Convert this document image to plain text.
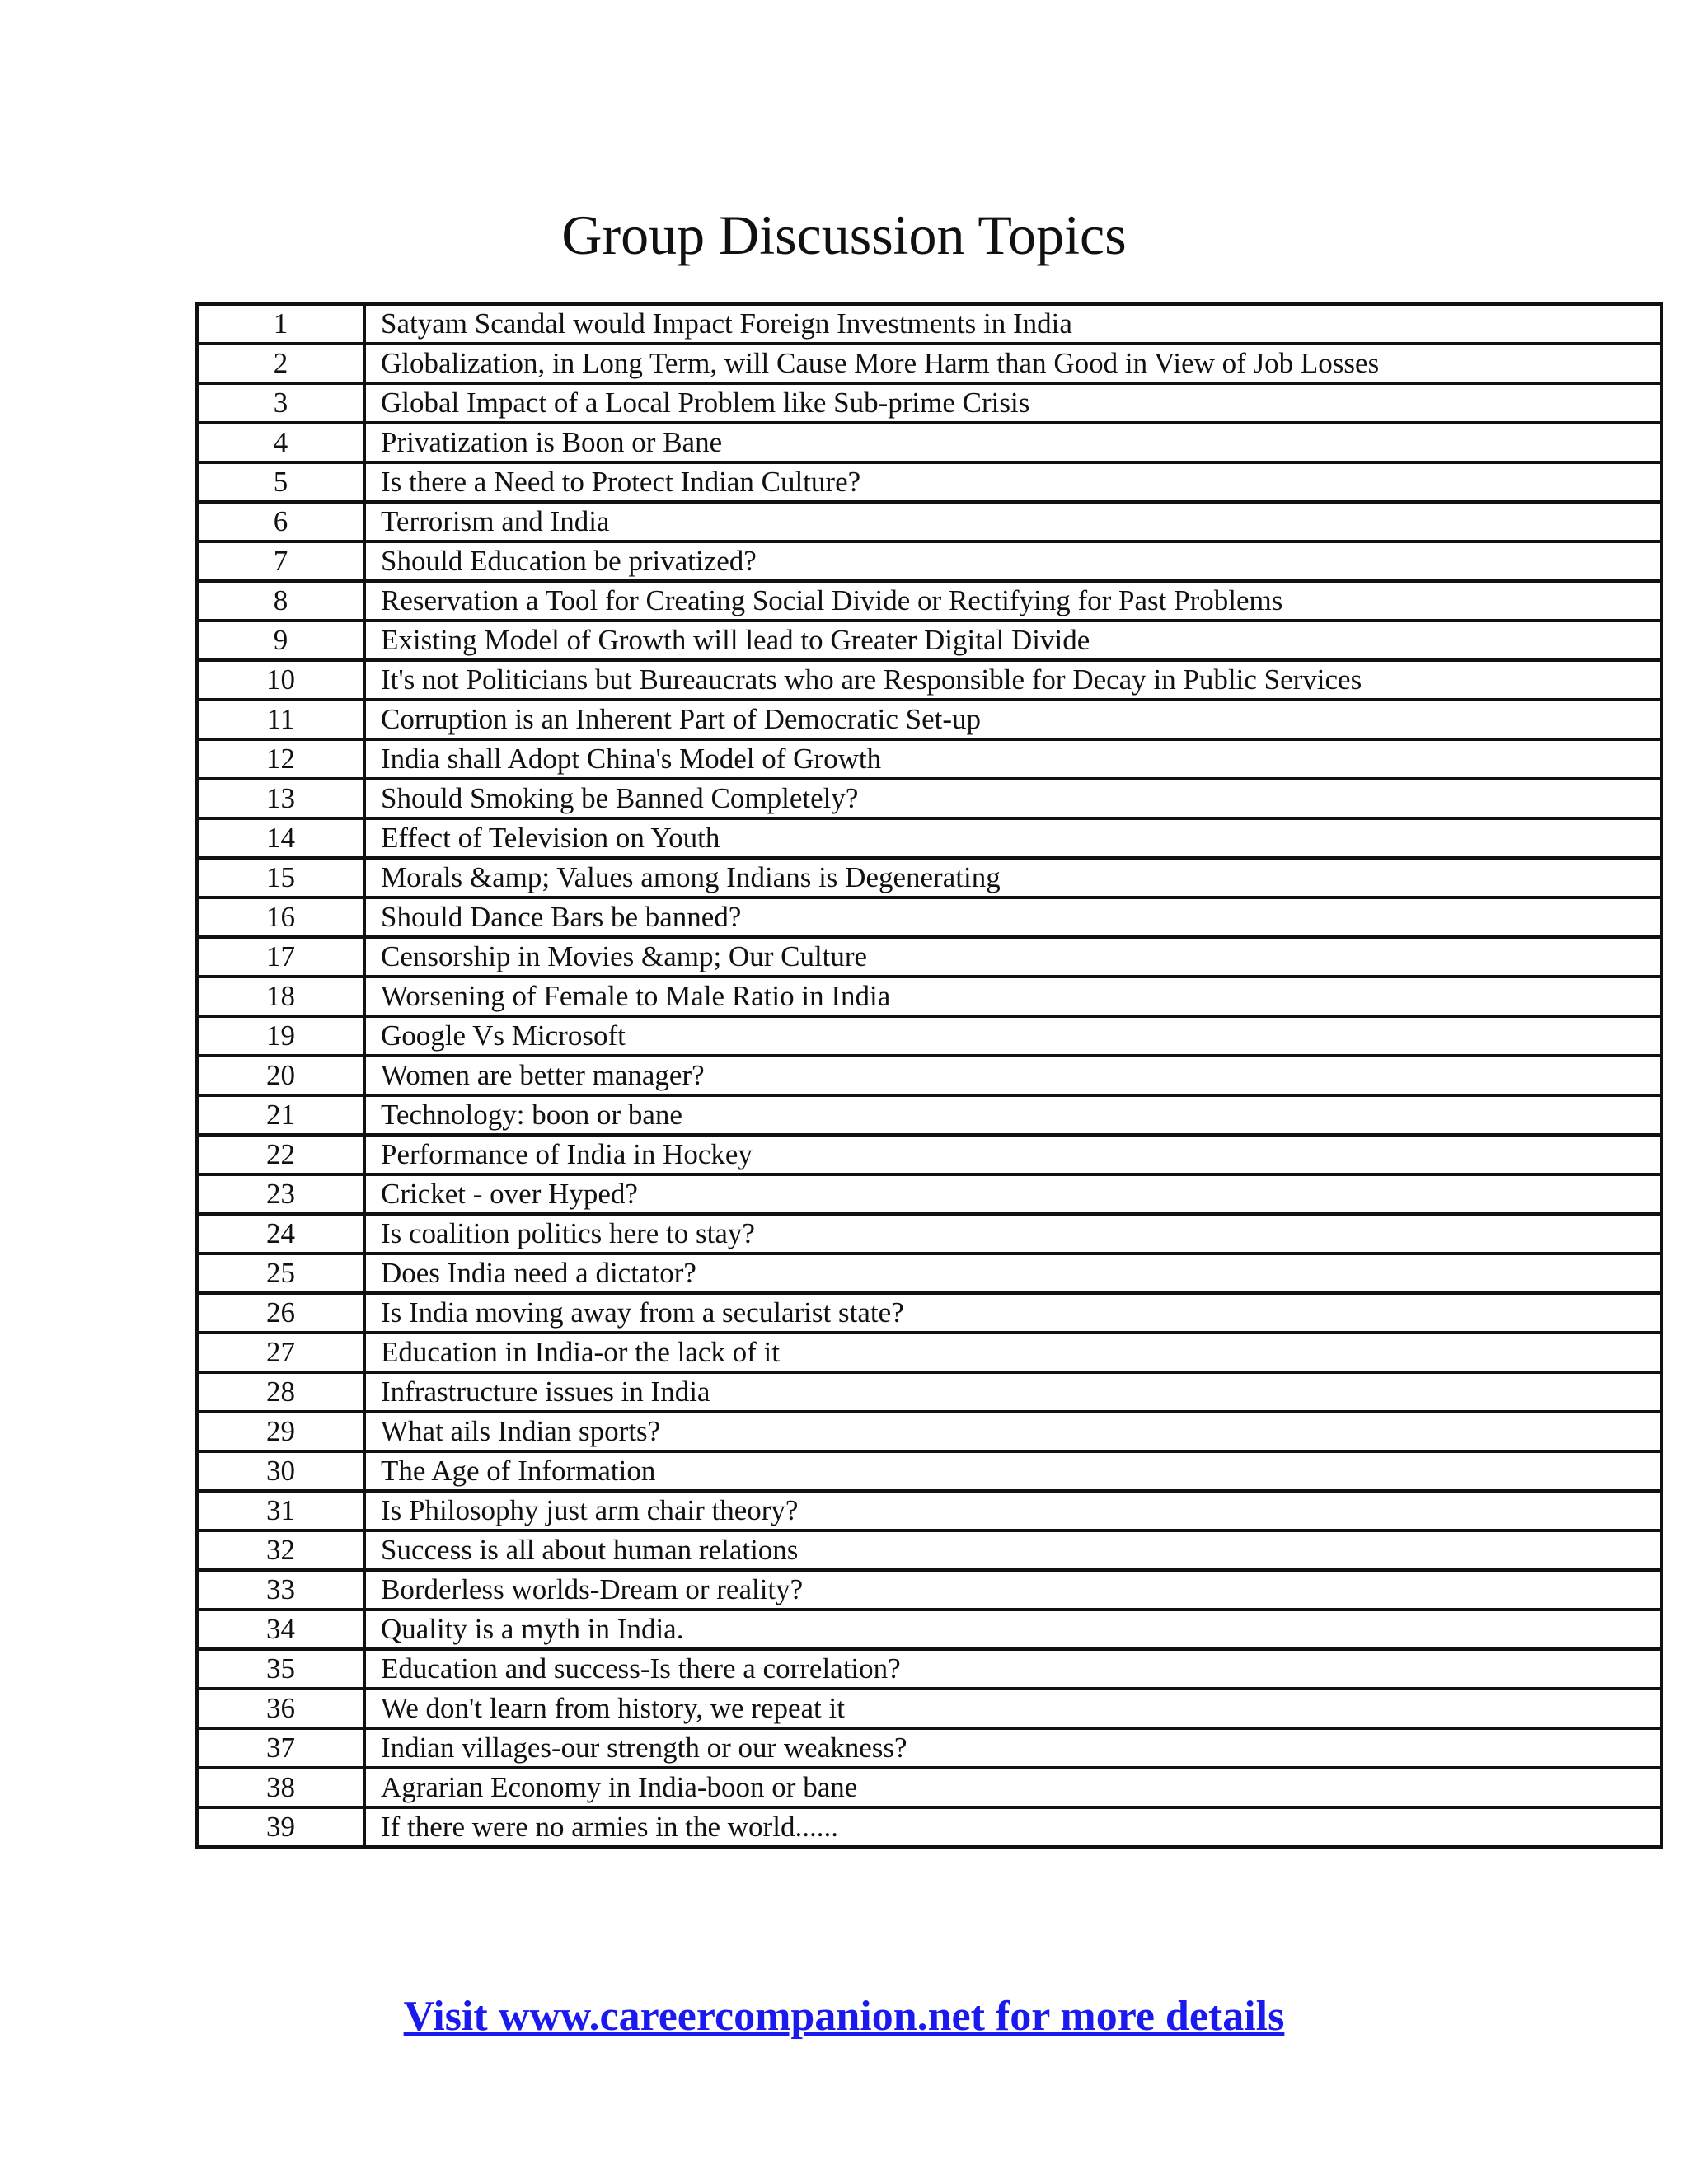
Group Discussion Topics
1	Satyam Scandal would Impact Foreign Investments in India
2	Globalization, in Long Term, will Cause More Harm than Good in View of Job Losses
3	Global Impact of a Local Problem like Sub-prime Crisis
4	Privatization is Boon or Bane
5	Is there a Need to Protect Indian Culture?
6	Terrorism and India
7	Should Education be privatized?
8	Reservation a Tool for Creating Social Divide or Rectifying for Past Problems
9	Existing Model of Growth will lead to Greater Digital Divide
10	It's not Politicians but Bureaucrats who are Responsible for Decay in Public Services
11	Corruption is an Inherent Part of Democratic Set-up
12	India shall Adopt China's Model of Growth
13	Should Smoking be Banned Completely?
14	Effect of Television on Youth
15	Morals &amp; Values among Indians is Degenerating
16	Should Dance Bars be banned?
17	Censorship in Movies &amp; Our Culture
18	Worsening of Female to Male Ratio in India
19	Google Vs Microsoft
20	Women are better manager?
21	Technology: boon or bane
22	Performance of India in Hockey
23	Cricket - over Hyped?
24	Is coalition politics here to stay?
25	Does India need a dictator?
26	Is India moving away from a secularist state?
27	Education in India-or the lack of it
28	Infrastructure issues in India
29	What ails Indian sports?
30	The Age of Information
31	Is Philosophy just arm chair theory?
32	Success is all about human relations
33	Borderless worlds-Dream or reality?
34	Quality is a myth in India.
35	Education and success-Is there a correlation?
36	We don't learn from history, we repeat it
37	Indian villages-our strength or our weakness?
38	Agrarian Economy in India-boon or bane
39	If there were no armies in the world......
Visit www.careercompanion.net for more details
